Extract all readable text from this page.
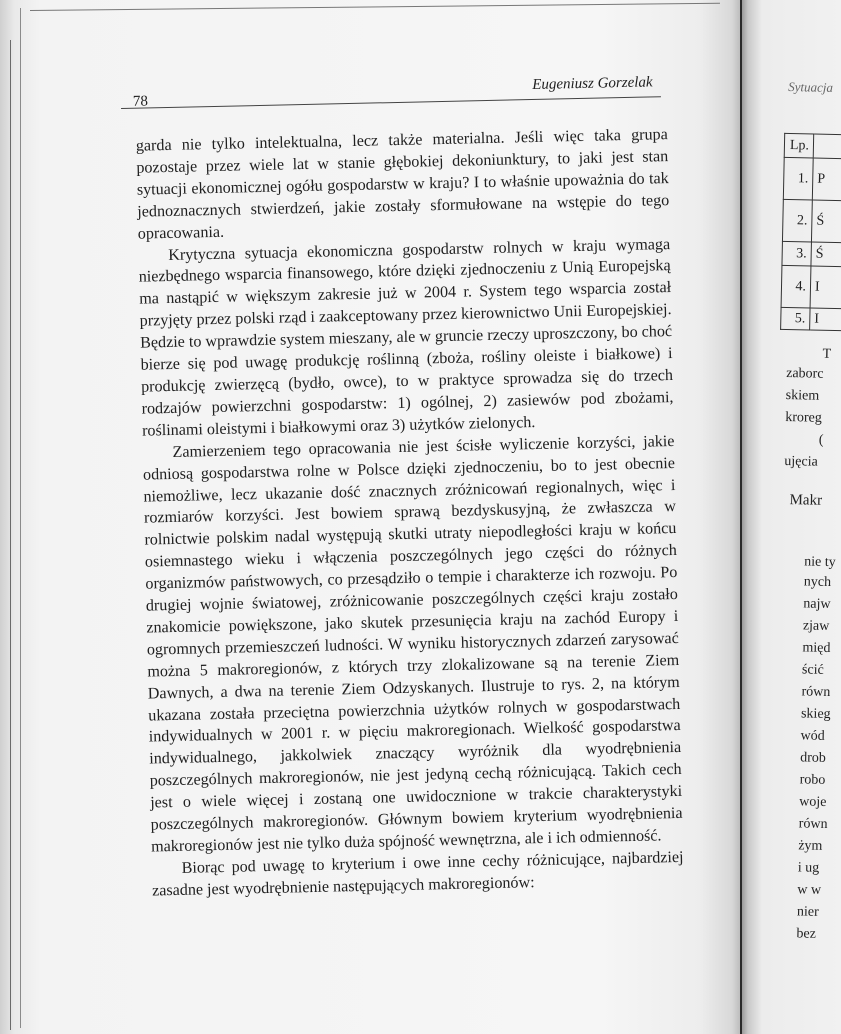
78
Eugeniusz Gorzelak

garda nie tylko intelektualna, lecz także materialna. Jeśli więc taka grupa pozostaje przez wiele lat w stanie głębokiej dekoniunktury, to jaki jest stan sytuacji ekonomicznej ogółu gospodarstw w kraju? I to właśnie upoważnia do tak jednoznacznych stwierdzeń, jakie zostały sformułowane na wstępie do tego opracowania.

Krytyczna sytuacja ekonomiczna gospodarstw rolnych w kraju wymaga niezbędnego wsparcia finansowego, które dzięki zjednoczeniu z Unią Europejską ma nastąpić w większym zakresie już w 2004 r. System tego wsparcia został przyjęty przez polski rząd i zaakceptowany przez kierownictwo Unii Europejskiej. Będzie to wprawdzie system mieszany, ale w gruncie rzeczy uproszczony, bo choć bierze się pod uwagę produkcję roślinną (zboża, rośliny oleiste i białkowe) i produkcję zwierzęcą (bydło, owce), to w praktyce sprowadza się do trzech rodzajów powierzchni gospodarstw: 1) ogólnej, 2) zasiewów pod zbożami, roślinami oleistymi i białkowymi oraz 3) użytków zielonych.

Zamierzeniem tego opracowania nie jest ścisłe wyliczenie korzyści, jakie odniosą gospodarstwa rolne w Polsce dzięki zjednoczeniu, bo to jest obecnie niemożliwe, lecz ukazanie dość znacznych zróżnicowań regionalnych, więc i rozmiarów korzyści. Jest bowiem sprawą bezdyskusyjną, że zwłaszcza w rolnictwie polskim nadal występują skutki utraty niepodległości kraju w końcu osiemnastego wieku i włączenia poszczególnych jego części do różnych organizmów państwowych, co przesądziło o tempie i charakterze ich rozwoju. Po drugiej wojnie światowej, zróżnicowanie poszczególnych części kraju zostało znakomicie powiększone, jako skutek przesunięcia kraju na zachód Europy i ogromnych przemieszczeń ludności. W wyniku historycznych zdarzeń zarysować można 5 makroregionów, z których trzy zlokalizowane są na terenie Ziem Dawnych, a dwa na terenie Ziem Odzyskanych. Ilustruje to rys. 2, na którym ukazana została przeciętna powierzchnia użytków rolnych w gospodarstwach indywidualnych w 2001 r. w pięciu makroregionach. Wielkość gospodarstwa indywidualnego, jakkolwiek znaczący wyróżnik dla wyodrębnienia poszczególnych makroregionów, nie jest jedyną cechą różnicującą. Takich cech jest o wiele więcej i zostaną one uwidocznione w trakcie charakterystyki poszczególnych makroregionów. Głównym bowiem kryterium wyodrębnienia makroregionów jest nie tylko duża spójność wewnętrzna, ale i ich odmienność.

Biorąc pod uwagę to kryterium i owe inne cechy różnicujące, najbardziej zasadne jest wyodrębnienie następujących makroregionów:

Sytuacja
Lp.	
1.	P
2.	Ś
3.	Ś
4.	I
5.	I
T
zaborc
skiem
kroreg
(
ujęcia
Makr
nie ty
nych
najw
zjaw
międ
ścić
równ
skieg
wód
drob
robo
woje
równ
żym
i ug
w w
nier
bez
